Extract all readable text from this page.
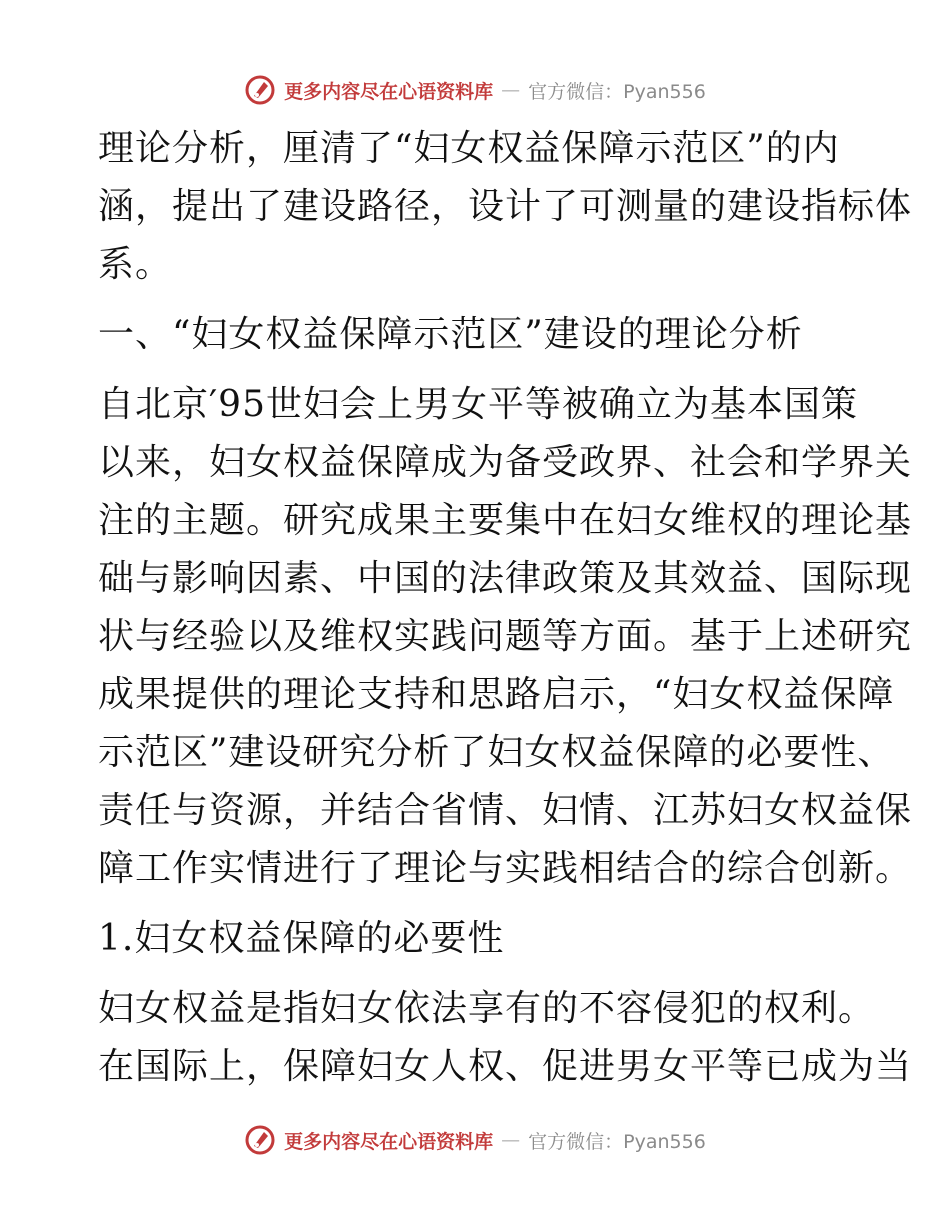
更多内容尽在心语资料库 — 官方微信：Pyan556
理论分析，厘清了“妇女权益保障示范区”的内
涵，提出了建设路径，设计了可测量的建设指标体
系。
一、“妇女权益保障示范区”建设的理论分析
自北京′95世妇会上男女平等被确立为基本国策
以来，妇女权益保障成为备受政界、社会和学界关
注的主题。研究成果主要集中在妇女维权的理论基
础与影响因素、中国的法律政策及其效益、国际现
状与经验以及维权实践问题等方面。基于上述研究
成果提供的理论支持和思路启示，“妇女权益保障
示范区”建设研究分析了妇女权益保障的必要性、
责任与资源，并结合省情、妇情、江苏妇女权益保
障工作实情进行了理论与实践相结合的综合创新。
1.妇女权益保障的必要性
妇女权益是指妇女依法享有的不容侵犯的权利。
在国际上，保障妇女人权、促进男女平等已成为当
更多内容尽在心语资料库 — 官方微信：Pyan556
